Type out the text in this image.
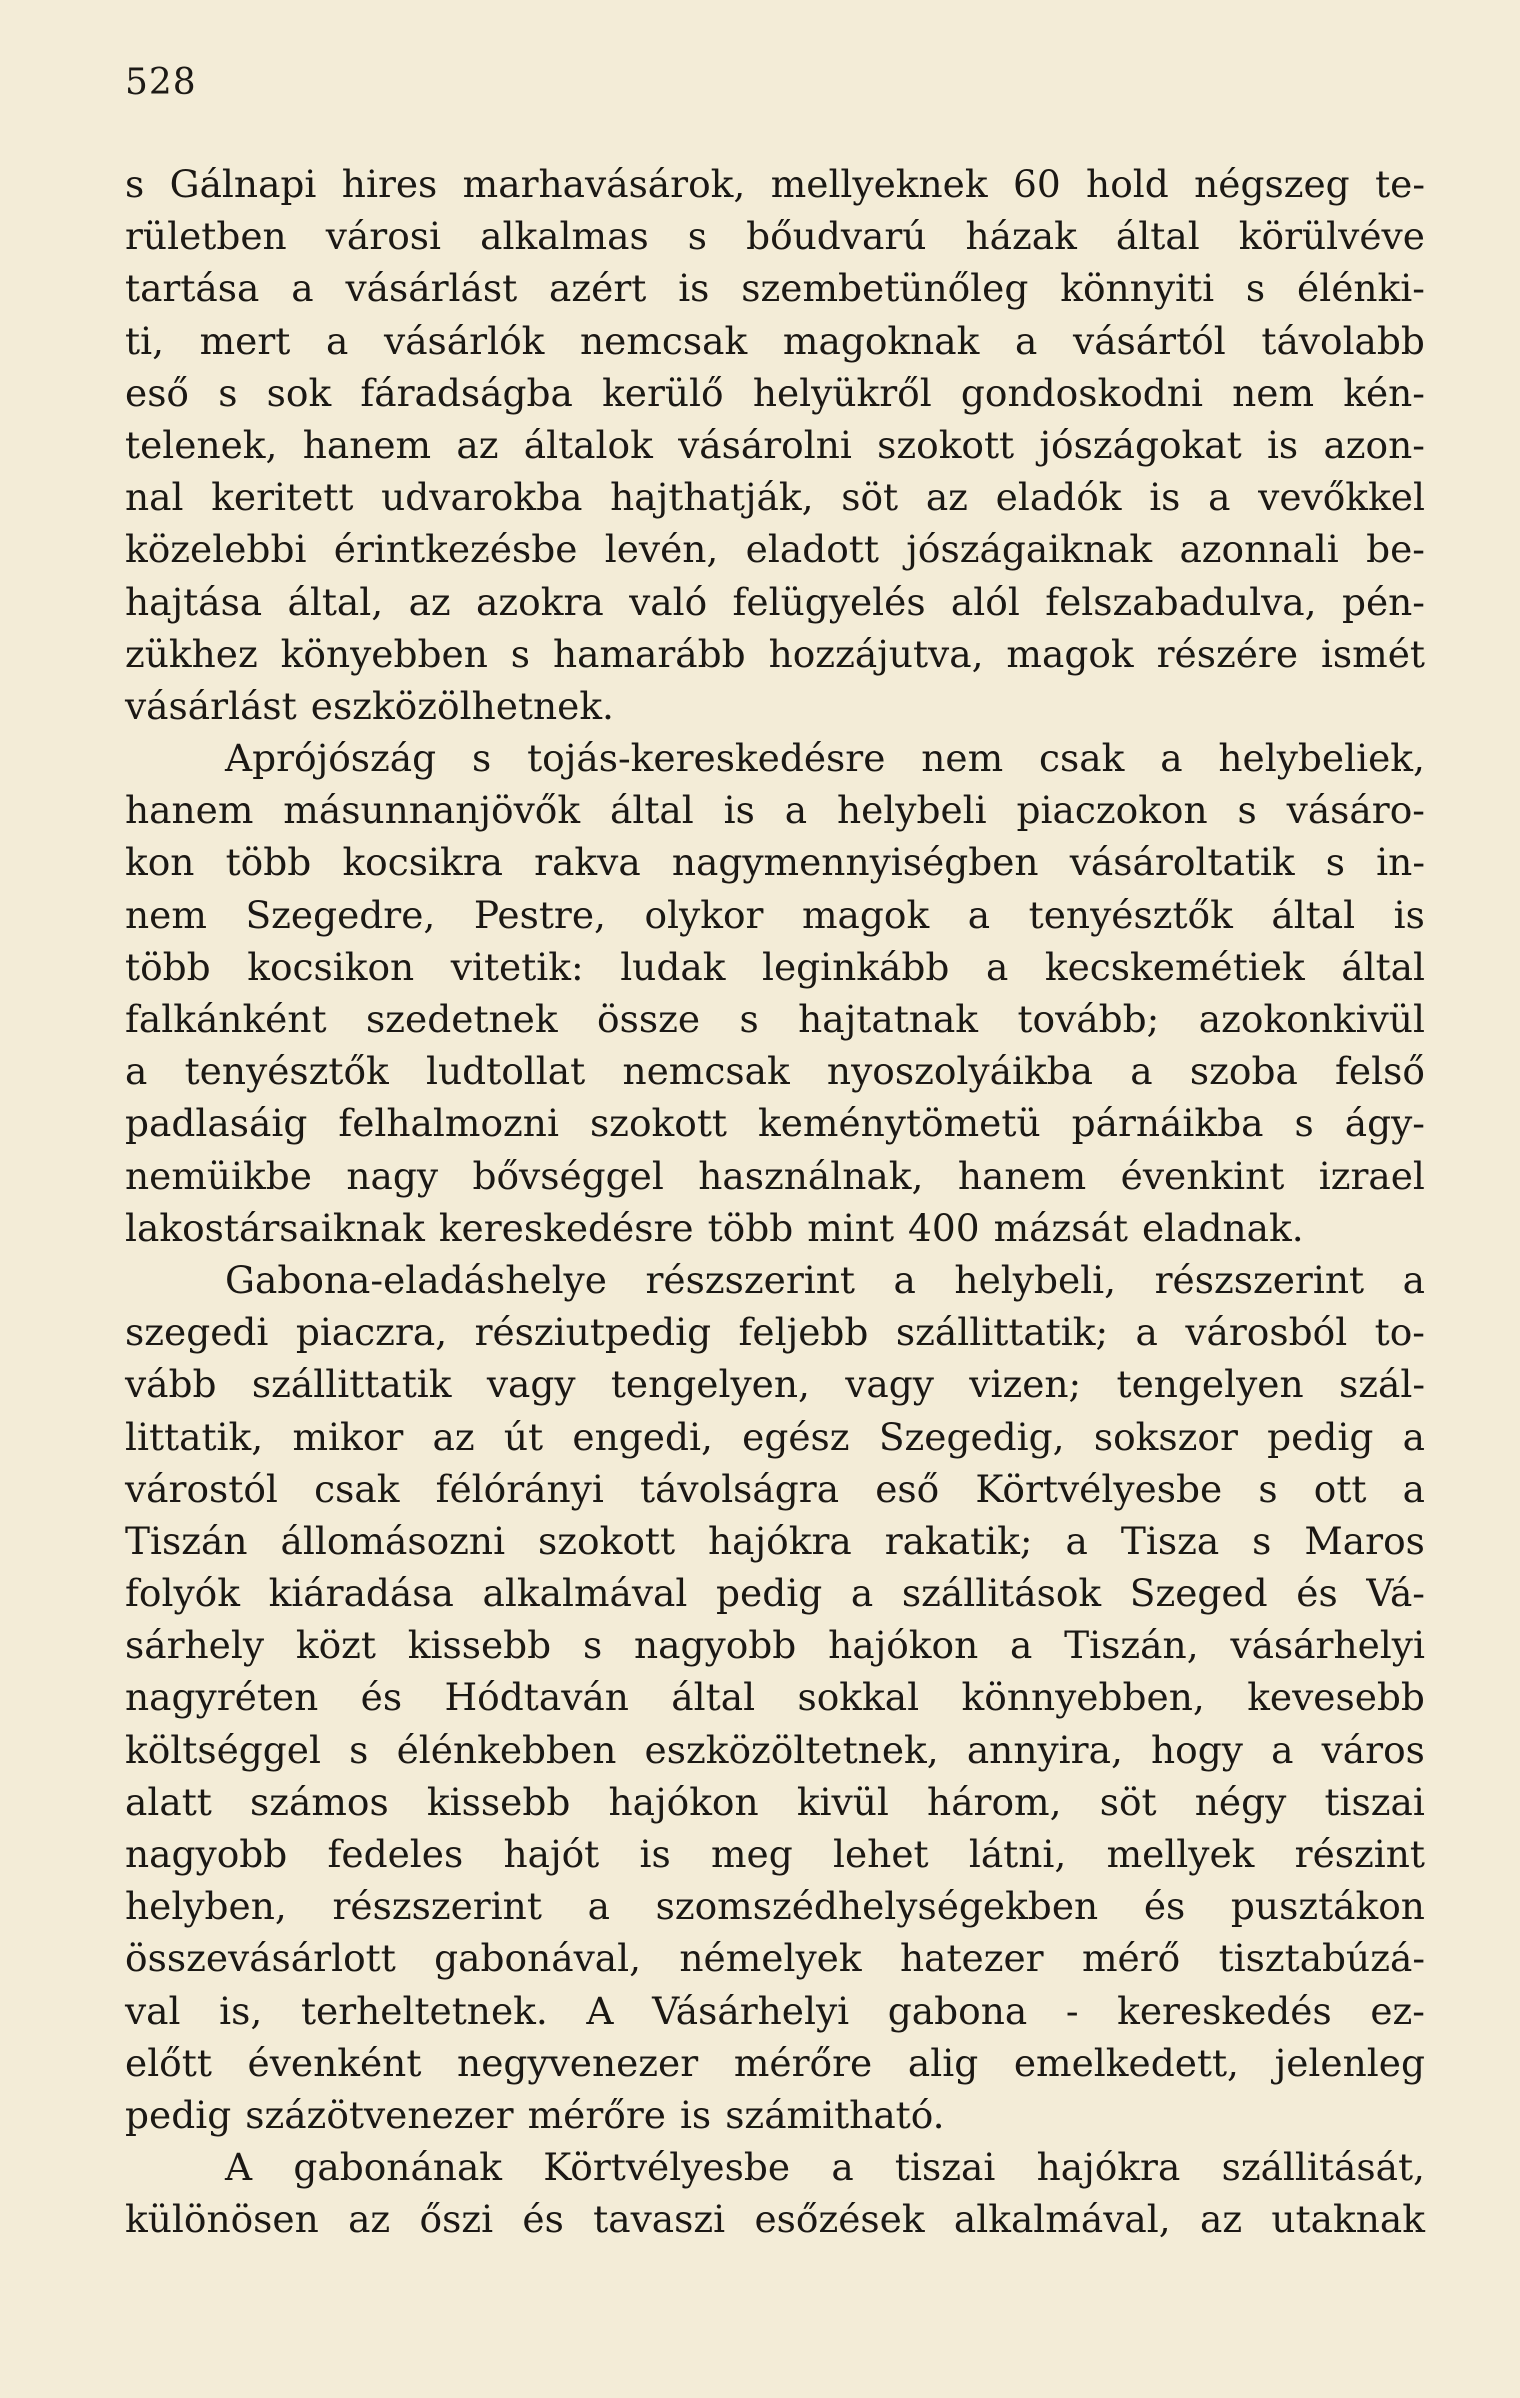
528
s Gálnapi hires marhavásárok, mellyeknek 60 hold négszeg te-
rületben városi alkalmas s bőudvarú házak által körülvéve
tartása a vásárlást azért is szembetünőleg könnyiti s élénki-
ti, mert a vásárlók nemcsak magoknak a vásártól távolabb
eső s sok fáradságba kerülő helyükről gondoskodni nem kén-
telenek, hanem az általok vásárolni szokott jószágokat is azon-
nal keritett udvarokba hajthatják, söt az eladók is a vevőkkel
közelebbi érintkezésbe levén, eladott jószágaiknak azonnali be-
hajtása által, az azokra való felügyelés alól felszabadulva, pén-
zükhez könyebben s hamarább hozzájutva, magok részére ismét
vásárlást eszközölhetnek.
Aprójószág s tojás-kereskedésre nem csak a helybeliek,
hanem másunnanjövők által is a helybeli piaczokon s vásáro-
kon több kocsikra rakva nagymennyiségben vásároltatik s in-
nem Szegedre, Pestre, olykor magok a tenyésztők által is
több kocsikon vitetik: ludak leginkább a kecskemétiek által
falkánként szedetnek össze s hajtatnak tovább; azokonkivül
a tenyésztők ludtollat nemcsak nyoszolyáikba a szoba felső
padlasáig felhalmozni szokott keménytömetü párnáikba s ágy-
nemüikbe nagy bővséggel használnak, hanem évenkint izrael
lakostársaiknak kereskedésre több mint 400 mázsát eladnak.
Gabona-eladáshelye részszerint a helybeli, részszerint a
szegedi piaczra, résziutpedig feljebb szállittatik; a városból to-
vább szállittatik vagy tengelyen, vagy vizen; tengelyen szál-
littatik, mikor az út engedi, egész Szegedig, sokszor pedig a
várostól csak félórányi távolságra eső Körtvélyesbe s ott a
Tiszán állomásozni szokott hajókra rakatik; a Tisza s Maros
folyók kiáradása alkalmával pedig a szállitások Szeged és Vá-
sárhely közt kissebb s nagyobb hajókon a Tiszán, vásárhelyi
nagyréten és Hódtaván által sokkal könnyebben, kevesebb
költséggel s élénkebben eszközöltetnek, annyira, hogy a város
alatt számos kissebb hajókon kivül három, söt négy tiszai
nagyobb fedeles hajót is meg lehet látni, mellyek részint
helyben, részszerint a szomszédhelységekben és pusztákon
összevásárlott gabonával, némelyek hatezer mérő tisztabúzá-
val is, terheltetnek. A Vásárhelyi gabona - kereskedés ez-
előtt évenként negyvenezer mérőre alig emelkedett, jelenleg
pedig százötvenezer mérőre is számitható.
A gabonának Körtvélyesbe a tiszai hajókra szállitását,
különösen az őszi és tavaszi esőzések alkalmával, az utaknak
